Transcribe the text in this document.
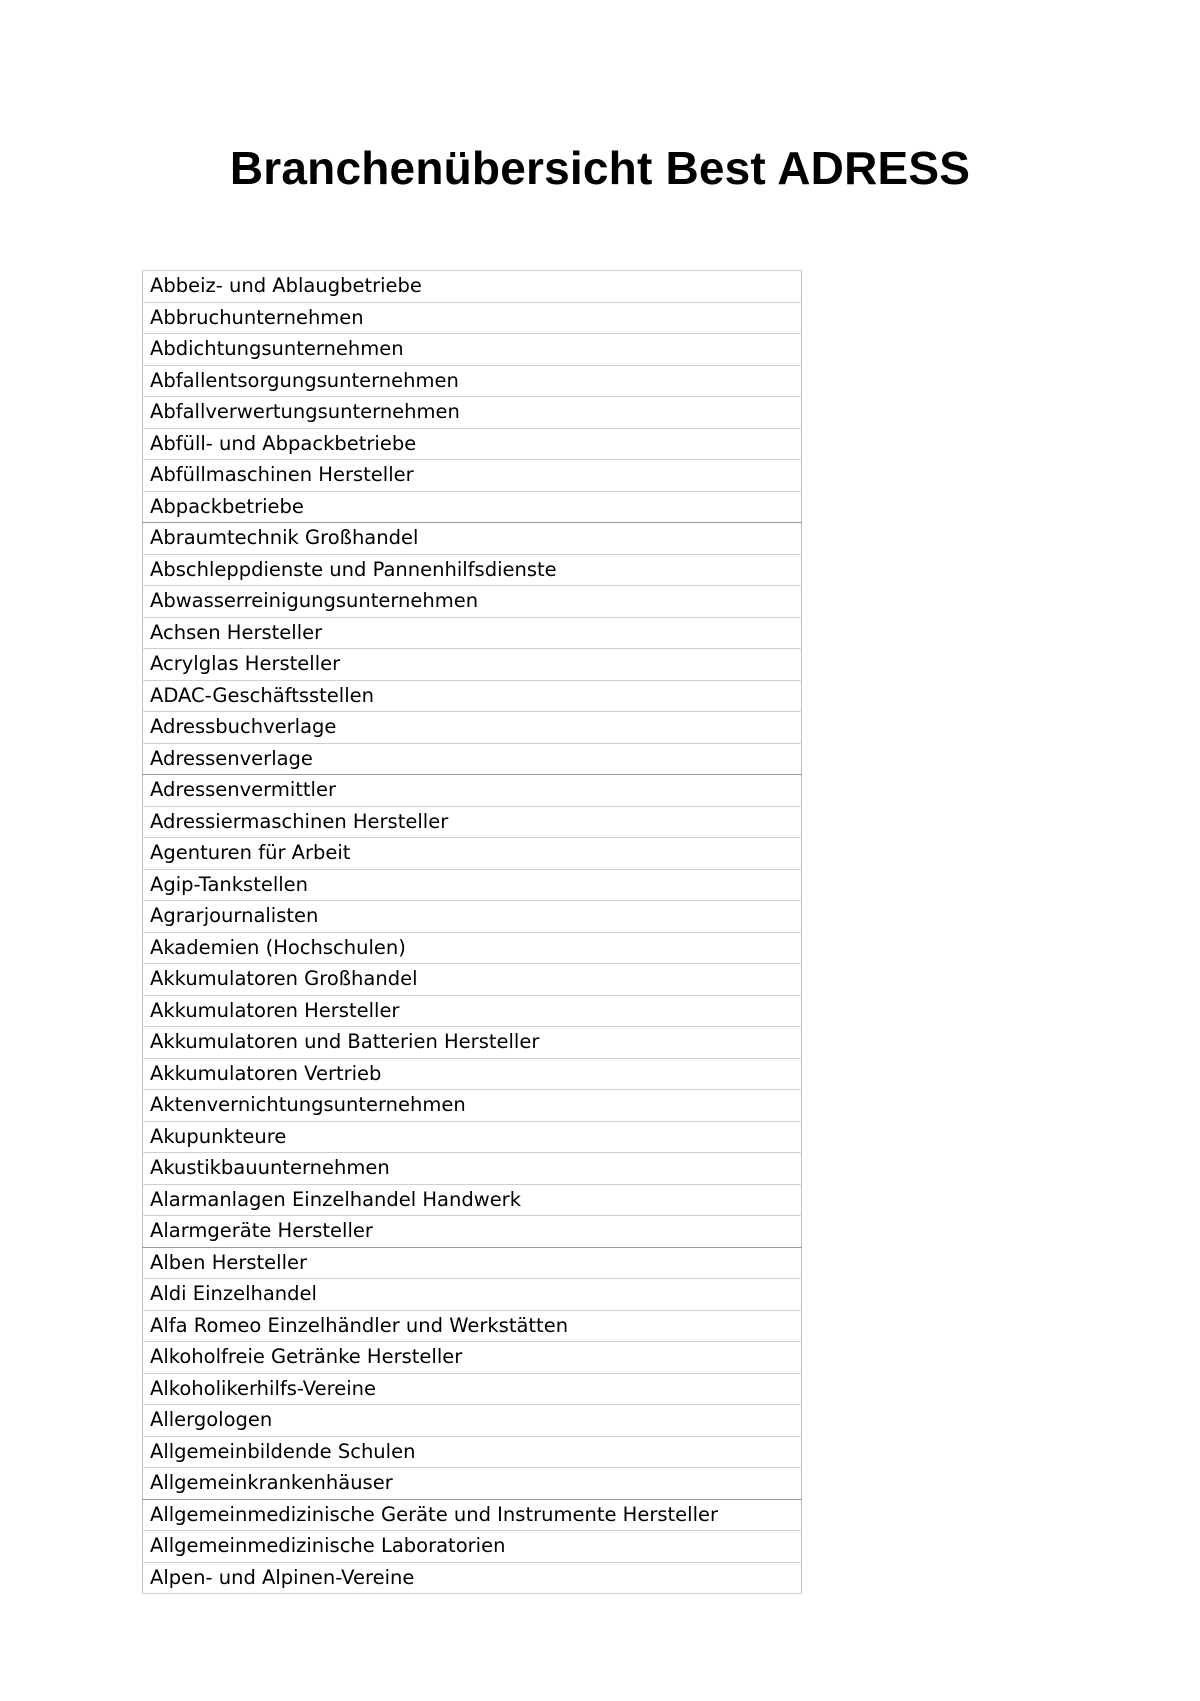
Branchenübersicht Best ADRESS
Abbeiz- und Ablaugbetriebe
Abbruchunternehmen
Abdichtungsunternehmen
Abfallentsorgungsunternehmen
Abfallverwertungsunternehmen
Abfüll- und Abpackbetriebe
Abfüllmaschinen Hersteller
Abpackbetriebe
Abraumtechnik Großhandel
Abschleppdienste und Pannenhilfsdienste
Abwasserreinigungsunternehmen
Achsen Hersteller
Acrylglas Hersteller
ADAC-Geschäftsstellen
Adressbuchverlage
Adressenverlage
Adressenvermittler
Adressiermaschinen Hersteller
Agenturen für Arbeit
Agip-Tankstellen
Agrarjournalisten
Akademien (Hochschulen)
Akkumulatoren Großhandel
Akkumulatoren Hersteller
Akkumulatoren und Batterien Hersteller
Akkumulatoren Vertrieb
Aktenvernichtungsunternehmen
Akupunkteure
Akustikbauunternehmen
Alarmanlagen Einzelhandel Handwerk
Alarmgeräte Hersteller
Alben Hersteller
Aldi Einzelhandel
Alfa Romeo Einzelhändler und Werkstätten
Alkoholfreie Getränke Hersteller
Alkoholikerhilfs-Vereine
Allergologen
Allgemeinbildende Schulen
Allgemeinkrankenhäuser
Allgemeinmedizinische Geräte und Instrumente Hersteller
Allgemeinmedizinische Laboratorien
Alpen- und Alpinen-Vereine
